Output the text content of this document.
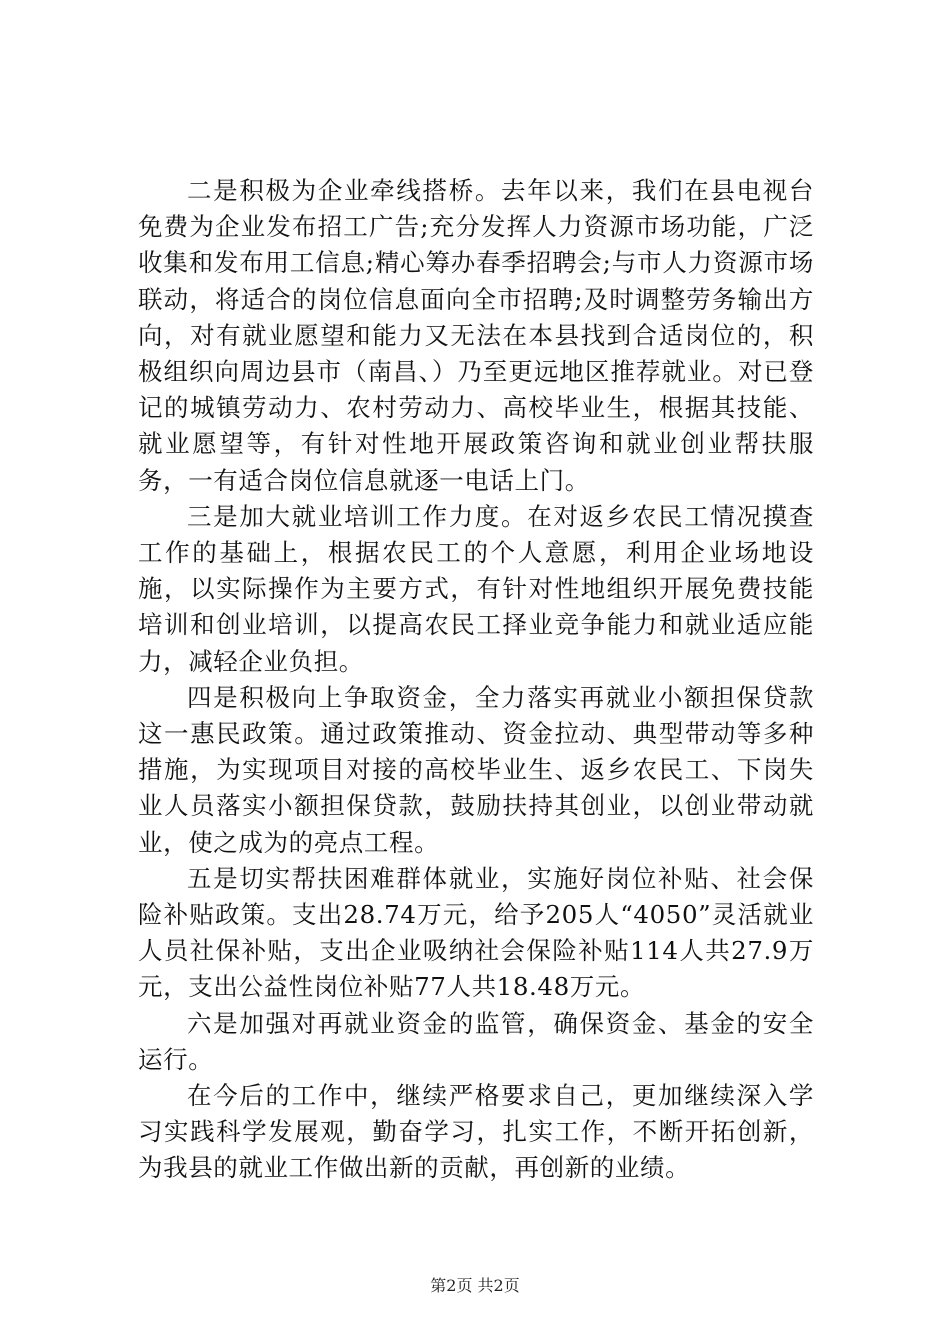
二是积极为企业牵线搭桥。去年以来，我们在县电视台免费为企业发布招工广告;充分发挥人力资源市场功能，广泛收集和发布用工信息;精心筹办春季招聘会;与市人力资源市场联动，将适合的岗位信息面向全市招聘;及时调整劳务输出方向，对有就业愿望和能力又无法在本县找到合适岗位的，积极组织向周边县市（南昌、）乃至更远地区推荐就业。对已登记的城镇劳动力、农村劳动力、高校毕业生，根据其技能、就业愿望等，有针对性地开展政策咨询和就业创业帮扶服务，一有适合岗位信息就逐一电话上门。

三是加大就业培训工作力度。在对返乡农民工情况摸查工作的基础上，根据农民工的个人意愿，利用企业场地设施，以实际操作为主要方式，有针对性地组织开展免费技能培训和创业培训，以提高农民工择业竞争能力和就业适应能力，减轻企业负担。

四是积极向上争取资金，全力落实再就业小额担保贷款这一惠民政策。通过政策推动、资金拉动、典型带动等多种措施，为实现项目对接的高校毕业生、返乡农民工、下岗失业人员落实小额担保贷款，鼓励扶持其创业，以创业带动就业，使之成为的亮点工程。

五是切实帮扶困难群体就业，实施好岗位补贴、社会保险补贴政策。支出28.74万元，给予205人“4050”灵活就业人员社保补贴，支出企业吸纳社会保险补贴114人共27.9万元，支出公益性岗位补贴77人共18.48万元。

六是加强对再就业资金的监管，确保资金、基金的安全运行。

在今后的工作中，继续严格要求自己，更加继续深入学习实践科学发展观，勤奋学习，扎实工作，不断开拓创新，为我县的就业工作做出新的贡献，再创新的业绩。

第2页 共2页
